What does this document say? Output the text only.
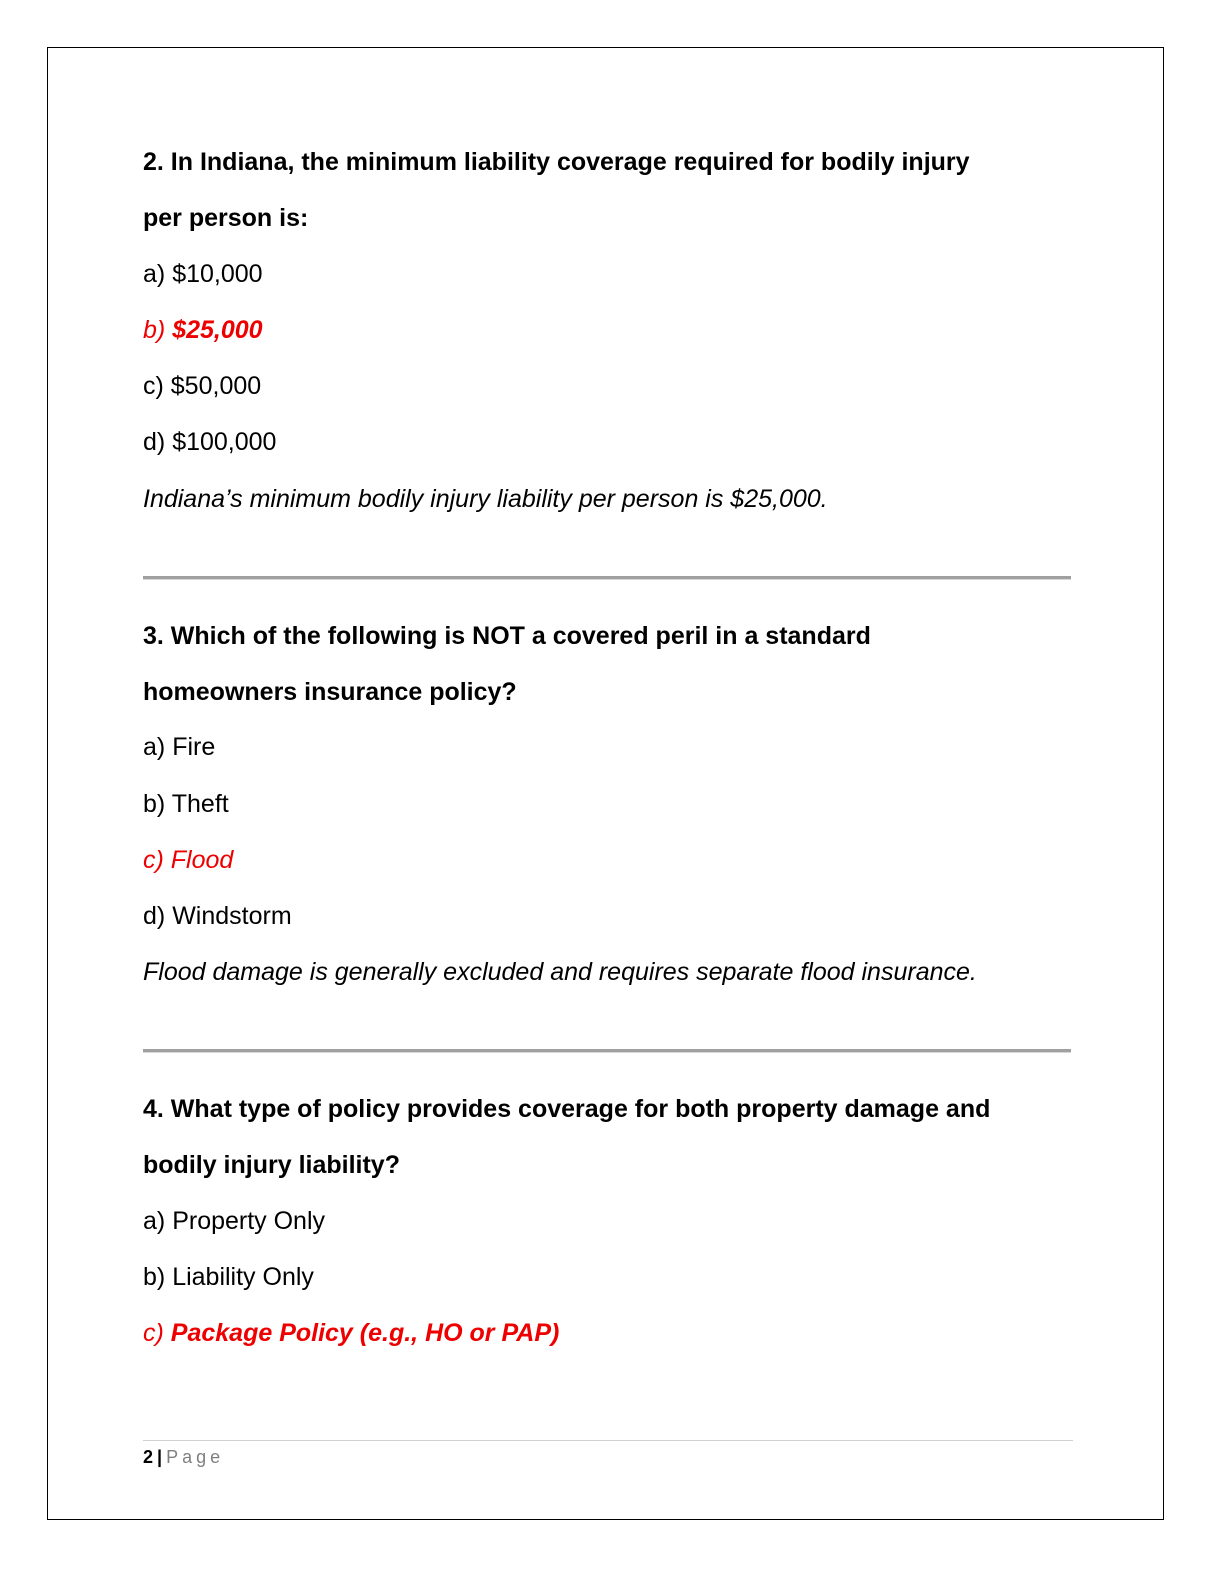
2. In Indiana, the minimum liability coverage required for bodily injury
per person is:
a) $10,000
b) $25,000
c) $50,000
d) $100,000
Indiana’s minimum bodily injury liability per person is $25,000.
3. Which of the following is NOT a covered peril in a standard
homeowners insurance policy?
a) Fire
b) Theft
c) Flood
d) Windstorm
Flood damage is generally excluded and requires separate flood insurance.
4. What type of policy provides coverage for both property damage and
bodily injury liability?
a) Property Only
b) Liability Only
c) Package Policy (e.g., HO or PAP)
2 | Page
